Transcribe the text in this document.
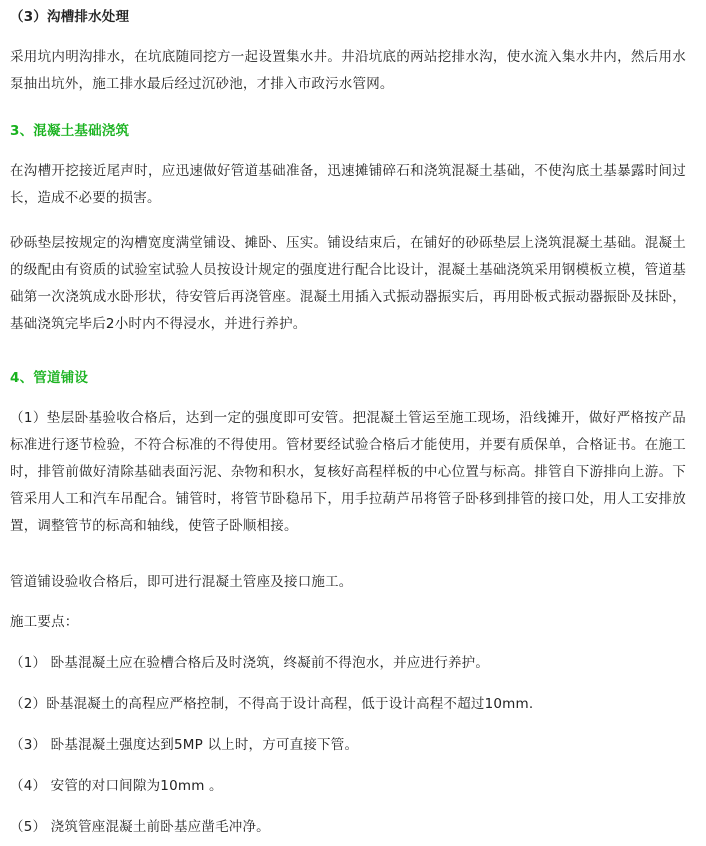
（3）沟槽排水处理

采用坑内明沟排水，在坑底随同挖方一起设置集水井。井沿坑底的两站挖排水沟，使水流入集水井内，然后用水泵抽出坑外，施工排水最后经过沉砂池，才排入市政污水管网。

3、混凝土基础浇筑

在沟槽开挖接近尾声时，应迅速做好管道基础准备，迅速摊铺碎石和浇筑混凝土基础，不使沟底土基暴露时间过长，造成不必要的损害。

砂砾垫层按规定的沟槽宽度满堂铺设、摊卧、压实。铺设结束后，在铺好的砂砾垫层上浇筑混凝土基础。混凝土的级配由有资质的试验室试验人员按设计规定的强度进行配合比设计，混凝土基础浇筑采用钢模板立模，管道基础第一次浇筑成水卧形状，待安管后再浇管座。混凝土用插入式振动器振实后，再用卧板式振动器振卧及抹卧，基础浇筑完毕后2小时内不得浸水，并进行养护。

4、管道铺设

（1）垫层卧基验收合格后，达到一定的强度即可安管。把混凝土管运至施工现场，沿线摊开，做好严格按产品标准进行逐节检验，不符合标准的不得使用。管材要经试验合格后才能使用，并要有质保单，合格证书。在施工时，排管前做好清除基础表面污泥、杂物和积水，复核好高程样板的中心位置与标高。排管自下游排向上游。下管采用人工和汽车吊配合。铺管时，将管节卧稳吊下，用手拉葫芦吊将管子卧移到排管的接口处，用人工安排放置，调整管节的标高和轴线，使管子卧顺相接。

管道铺设验收合格后，即可进行混凝土管座及接口施工。

施工要点：

（1） 卧基混凝土应在验槽合格后及时浇筑，终凝前不得泡水，并应进行养护。

（2）卧基混凝土的高程应严格控制，不得高于设计高程，低于设计高程不超过10mm.

（3） 卧基混凝土强度达到5MP 以上时，方可直接下管。

（4） 安管的对口间隙为10mm 。

（5） 浇筑管座混凝土前卧基应凿毛冲净。
